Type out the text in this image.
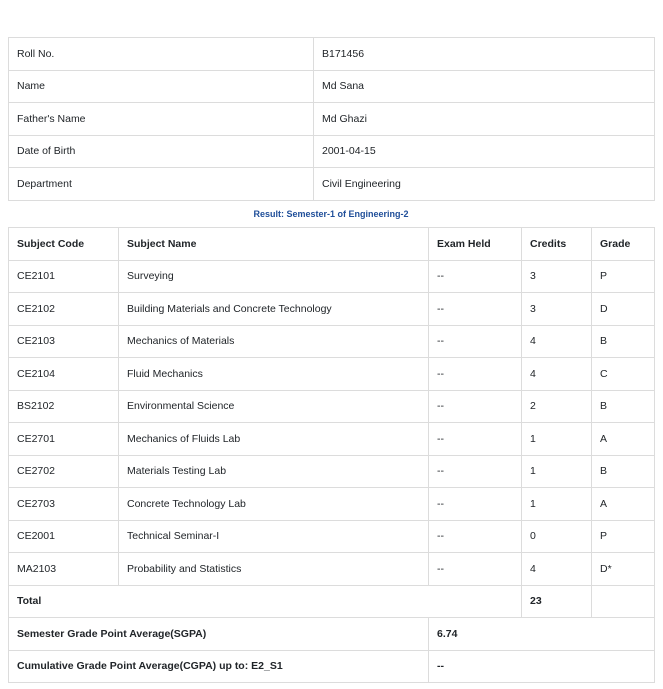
Roll No.	B171456
Name	Md Sana
Father's Name	Md Ghazi
Date of Birth	2001-04-15
Department	Civil Engineering
Result: Semester-1 of Engineering-2
Subject Code	Subject Name	Exam Held	Credits	Grade
CE2101	Surveying	--	3	P
CE2102	Building Materials and Concrete Technology	--	3	D
CE2103	Mechanics of Materials	--	4	B
CE2104	Fluid Mechanics	--	4	C
BS2102	Environmental Science	--	2	B
CE2701	Mechanics of Fluids Lab	--	1	A
CE2702	Materials Testing Lab	--	1	B
CE2703	Concrete Technology Lab	--	1	A
CE2001	Technical Seminar-I	--	0	P
MA2103	Probability and Statistics	--	4	D*
Total			23	
Semester Grade Point Average(SGPA)		6.74		
Cumulative Grade Point Average(CGPA) up to: E2_S1		--		
